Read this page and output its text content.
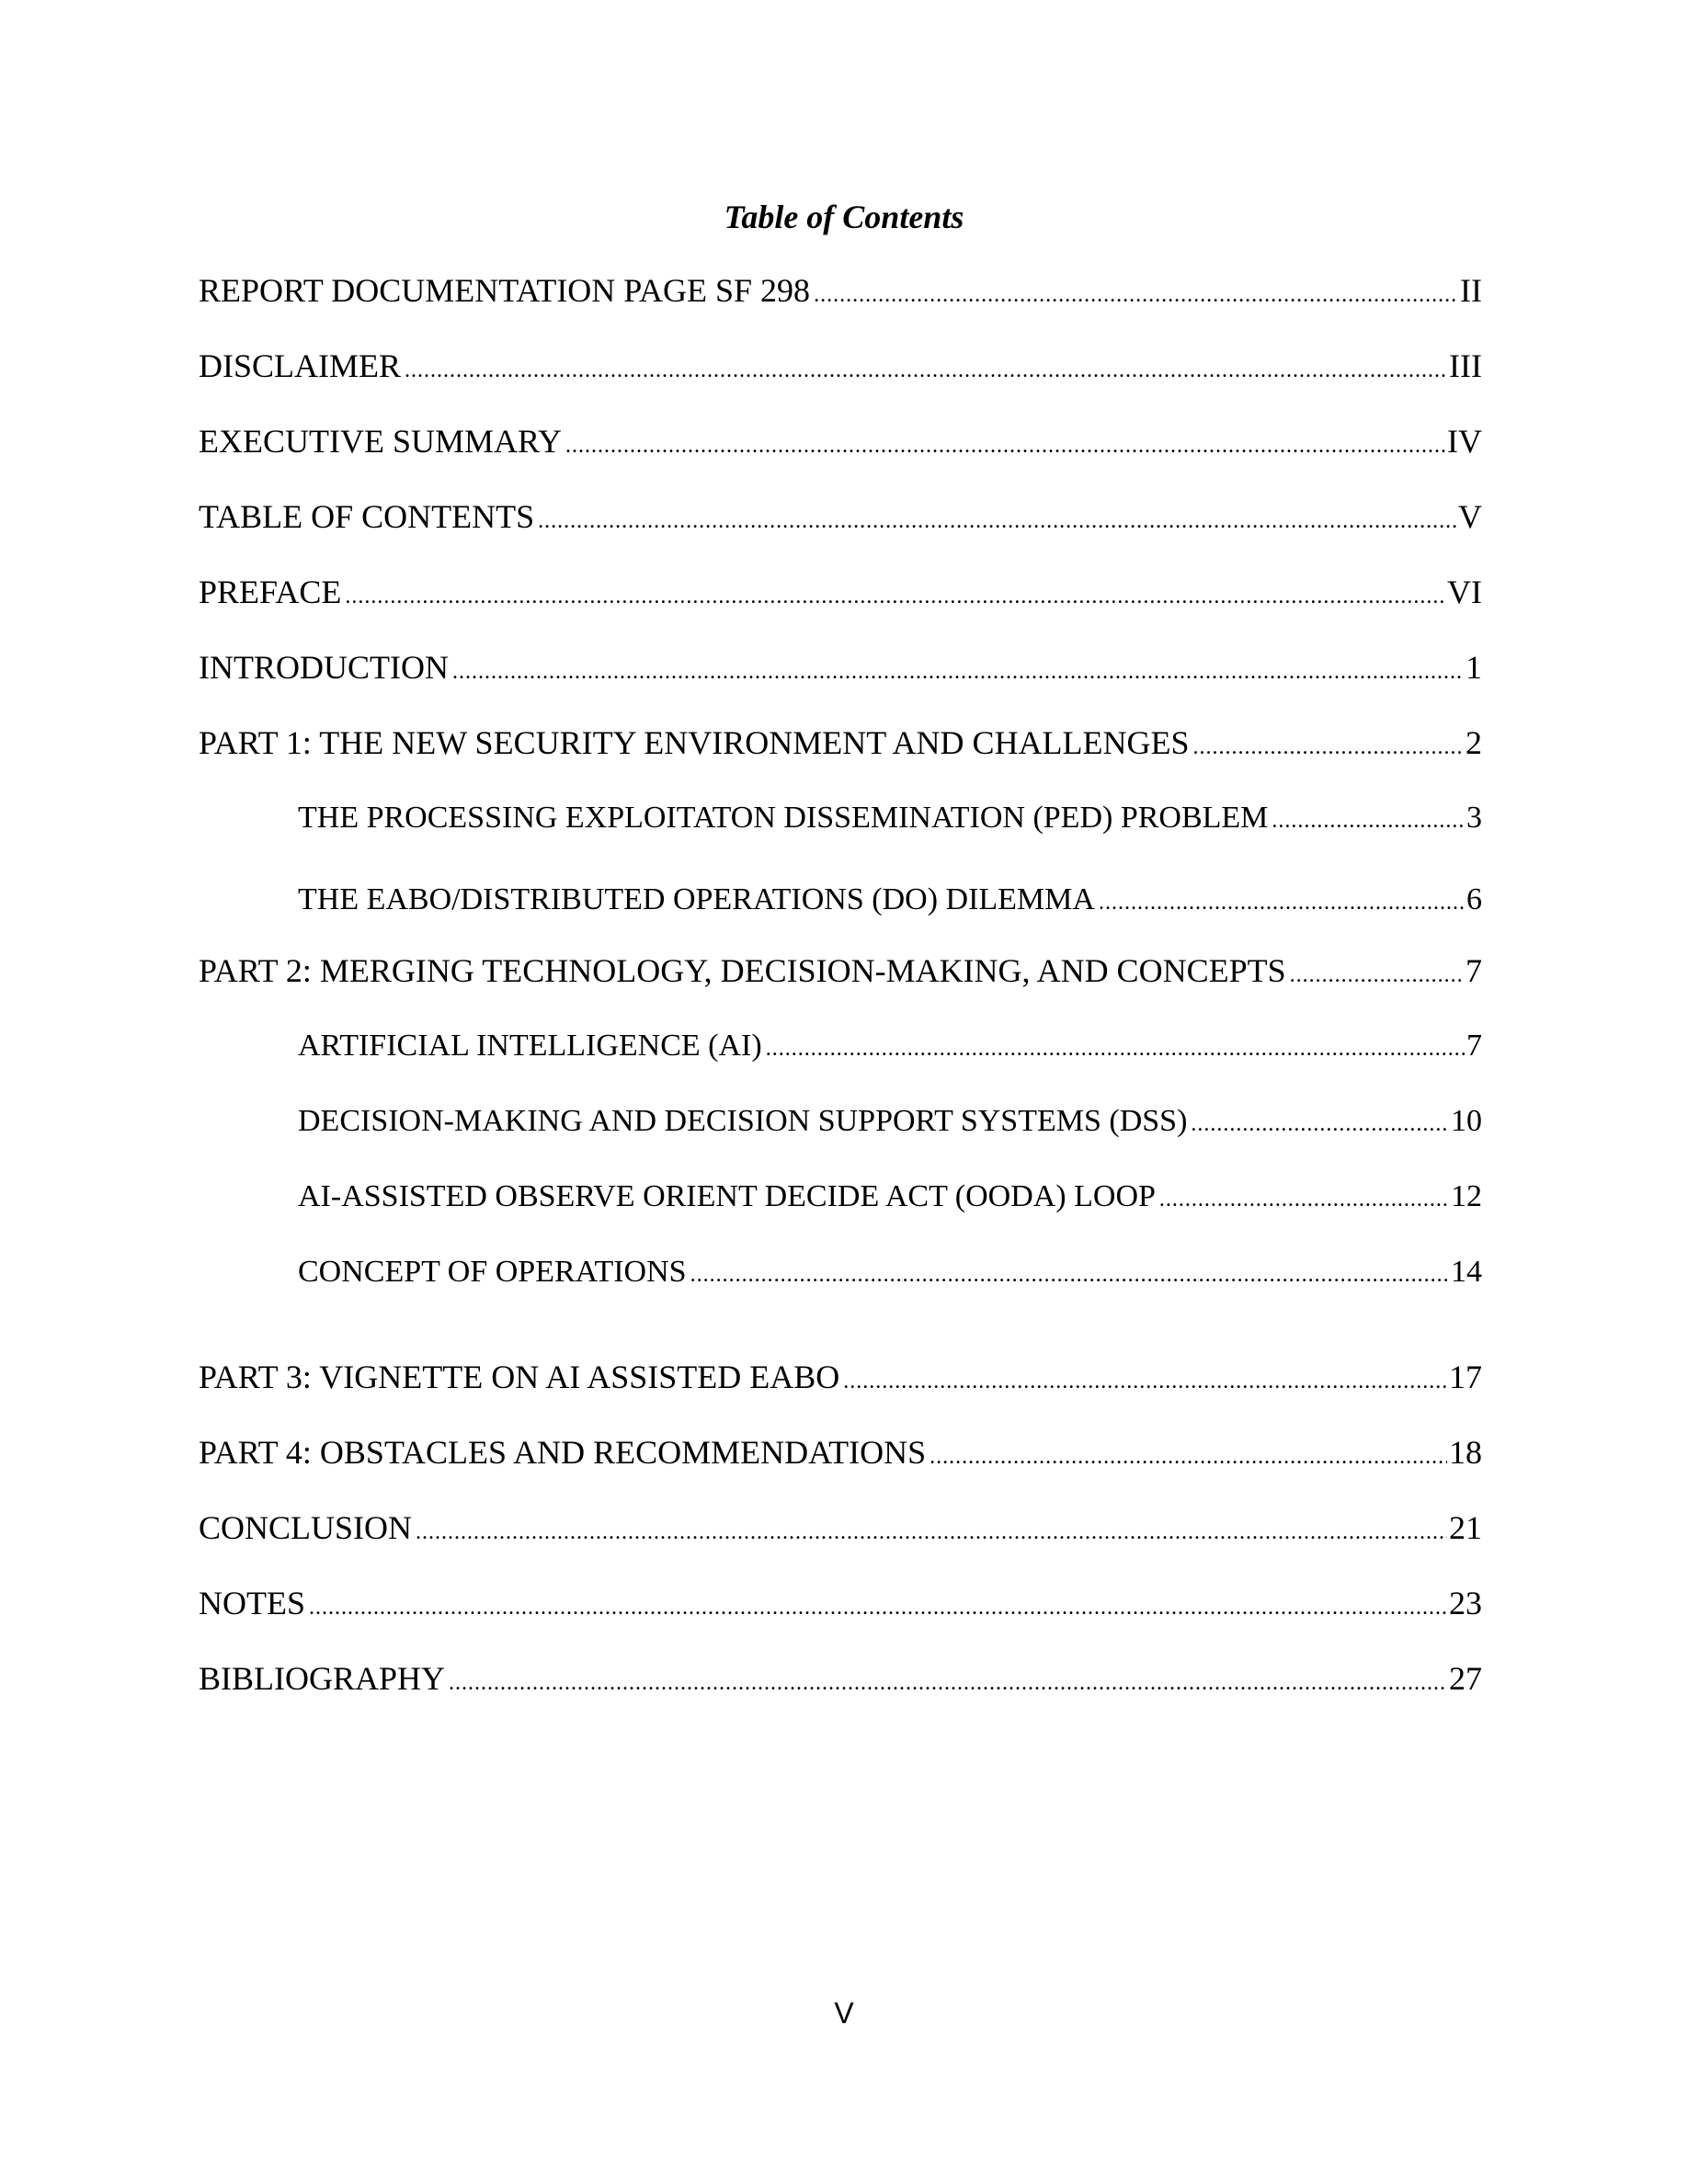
Table of Contents
REPORT DOCUMENTATION PAGE SF 298 .....	II
DISCLAIMER .....	III
EXECUTIVE SUMMARY .....	IV
TABLE OF CONTENTS .....	V
PREFACE .....	VI
INTRODUCTION .....	1
PART 1: THE NEW SECURITY ENVIRONMENT AND CHALLENGES .....	2
THE PROCESSING EXPLOITATON DISSEMINATION (PED) PROBLEM .....	3
THE EABO/DISTRIBUTED OPERATIONS (DO) DILEMMA .....	6
PART 2: MERGING TECHNOLOGY, DECISION-MAKING, AND CONCEPTS .....	7
ARTIFICIAL INTELLIGENCE (AI) .....	7
DECISION-MAKING AND DECISION SUPPORT SYSTEMS (DSS) .....	10
AI-ASSISTED OBSERVE ORIENT DECIDE ACT (OODA) LOOP .....	12
CONCEPT OF OPERATIONS .....	14
PART 3: VIGNETTE ON AI ASSISTED EABO .....	17
PART 4: OBSTACLES AND RECOMMENDATIONS .....	18
CONCLUSION .....	21
NOTES .....	23
BIBLIOGRAPHY .....	27
V
